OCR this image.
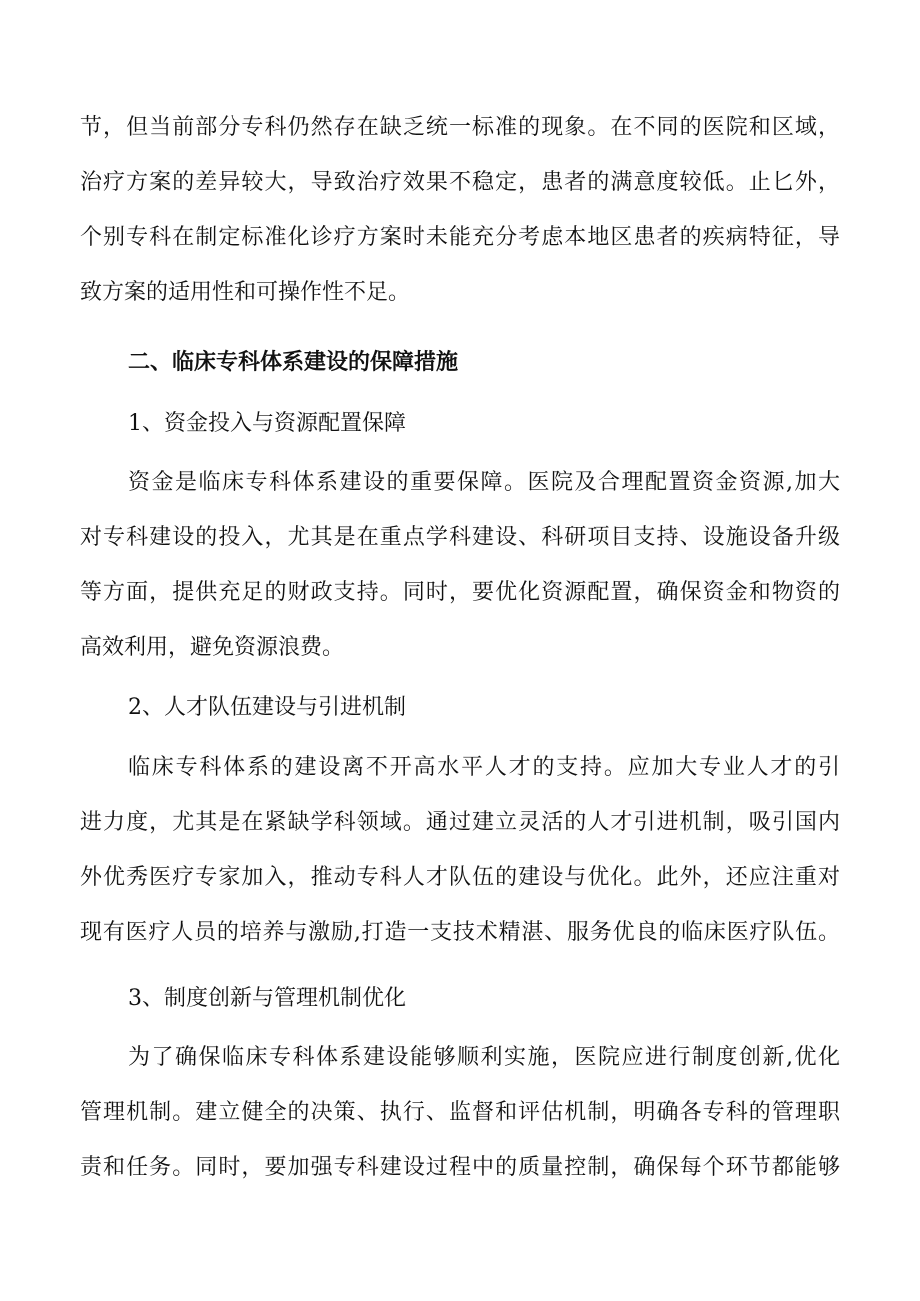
节，但当前部分专科仍然存在缺乏统一标准的现象。在不同的医院和区域，
治疗方案的差异较大，导致治疗效果不稳定，患者的满意度较低。止匕外，
个别专科在制定标准化诊疗方案时未能充分考虑本地区患者的疾病特征，导
致方案的适用性和可操作性不足。
二、临床专科体系建设的保障措施
1、资金投入与资源配置保障
资金是临床专科体系建设的重要保障。医院及合理配置资金资源,加大
对专科建设的投入，尤其是在重点学科建设、科研项目支持、设施设备升级
等方面，提供充足的财政支持。同时，要优化资源配置，确保资金和物资的
高效利用，避免资源浪费。
2、人才队伍建设与引进机制
临床专科体系的建设离不开高水平人才的支持。应加大专业人才的引
进力度，尤其是在紧缺学科领域。通过建立灵活的人才引进机制，吸引国内
外优秀医疗专家加入，推动专科人才队伍的建设与优化。此外，还应注重对
现有医疗人员的培养与激励,打造一支技术精湛、服务优良的临床医疗队伍。
3、制度创新与管理机制优化
为了确保临床专科体系建设能够顺利实施，医院应进行制度创新,优化
管理机制。建立健全的决策、执行、监督和评估机制，明确各专科的管理职
责和任务。同时，要加强专科建设过程中的质量控制，确保每个环节都能够
